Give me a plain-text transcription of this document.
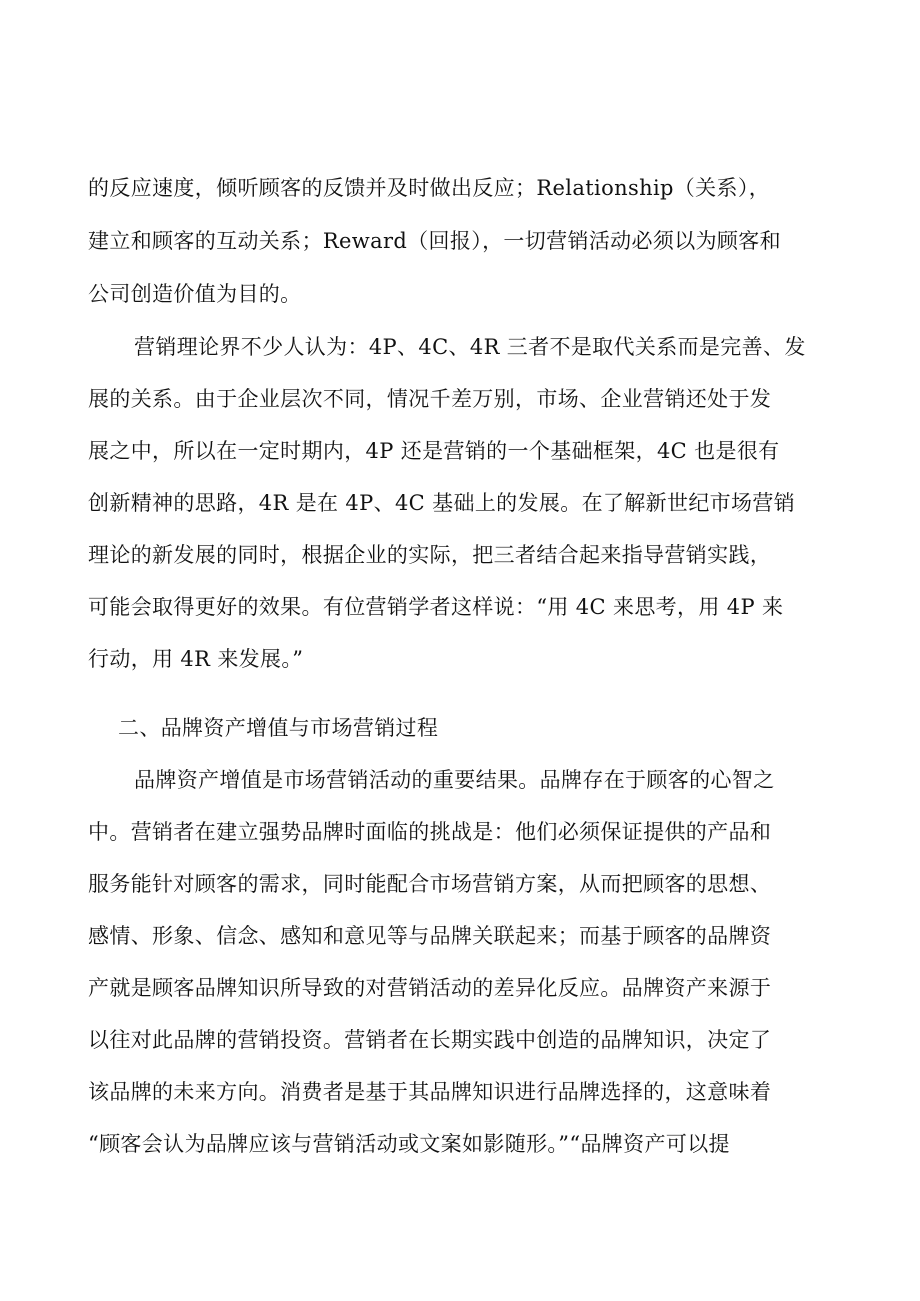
的反应速度，倾听顾客的反馈并及时做出反应；Relationship（关系），
建立和顾客的互动关系；Reward（回报），一切营销活动必须以为顾客和
公司创造价值为目的。
营销理论界不少人认为：4P、4C、4R 三者不是取代关系而是完善、发
展的关系。由于企业层次不同，情况千差万别，市场、企业营销还处于发
展之中，所以在一定时期内，4P 还是营销的一个基础框架，4C 也是很有
创新精神的思路，4R 是在 4P、4C 基础上的发展。在了解新世纪市场营销
理论的新发展的同时，根据企业的实际，把三者结合起来指导营销实践，
可能会取得更好的效果。有位营销学者这样说：“用 4C 来思考，用 4P 来
行动，用 4R 来发展。”
二、品牌资产增值与市场营销过程
品牌资产增值是市场营销活动的重要结果。品牌存在于顾客的心智之
中。营销者在建立强势品牌时面临的挑战是：他们必须保证提供的产品和
服务能针对顾客的需求，同时能配合市场营销方案，从而把顾客的思想、
感情、形象、信念、感知和意见等与品牌关联起来；而基于顾客的品牌资
产就是顾客品牌知识所导致的对营销活动的差异化反应。品牌资产来源于
以往对此品牌的营销投资。营销者在长期实践中创造的品牌知识，决定了
该品牌的未来方向。消费者是基于其品牌知识进行品牌选择的，这意味着
“顾客会认为品牌应该与营销活动或文案如影随形。”“品牌资产可以提
